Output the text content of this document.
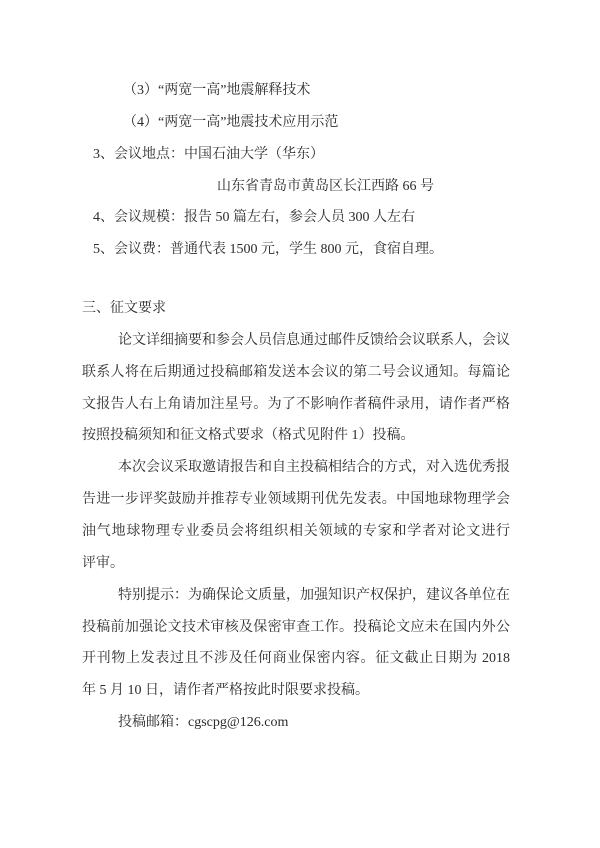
（3）“两宽一高”地震解释技术
（4）“两宽一高”地震技术应用示范
3、会议地点：中国石油大学（华东）
山东省青岛市黄岛区长江西路 66 号
4、会议规模：报告 50 篇左右，参会人员 300 人左右
5、会议费：普通代表 1500 元，学生 800 元，食宿自理。
三、征文要求
论文详细摘要和参会人员信息通过邮件反馈给会议联系人，会议
联系人将在后期通过投稿邮箱发送本会议的第二号会议通知。每篇论
文报告人右上角请加注星号。为了不影响作者稿件录用，请作者严格
按照投稿须知和征文格式要求（格式见附件 1）投稿。
本次会议采取邀请报告和自主投稿相结合的方式，对入选优秀报
告进一步评奖鼓励并推荐专业领域期刊优先发表。中国地球物理学会
油气地球物理专业委员会将组织相关领域的专家和学者对论文进行
评审。
特别提示：为确保论文质量，加强知识产权保护，建议各单位在
投稿前加强论文技术审核及保密审查工作。投稿论文应未在国内外公
开刊物上发表过且不涉及任何商业保密内容。征文截止日期为 2018
年 5 月 10 日，请作者严格按此时限要求投稿。
投稿邮箱：cgscpg@126.com
